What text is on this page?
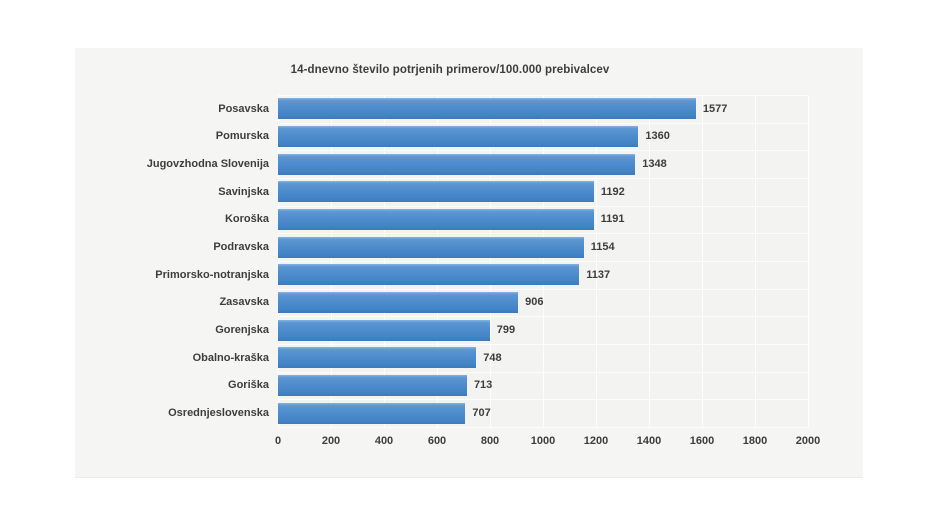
14-dnevno število potrjenih primerov/100.000 prebivalcev
Posavska
Pomurska
Jugovzhodna Slovenija
Savinjska
Koroška
Podravska
Primorsko-notranjska
Zasavska
Gorenjska
Obalno-kraška
Goriška
Osrednjeslovenska
1577
1360
1348
1192
1191
1154
1137
906
799
748
713
707
0	200	400	600	800	1000	1200	1400	1600	1800	2000
